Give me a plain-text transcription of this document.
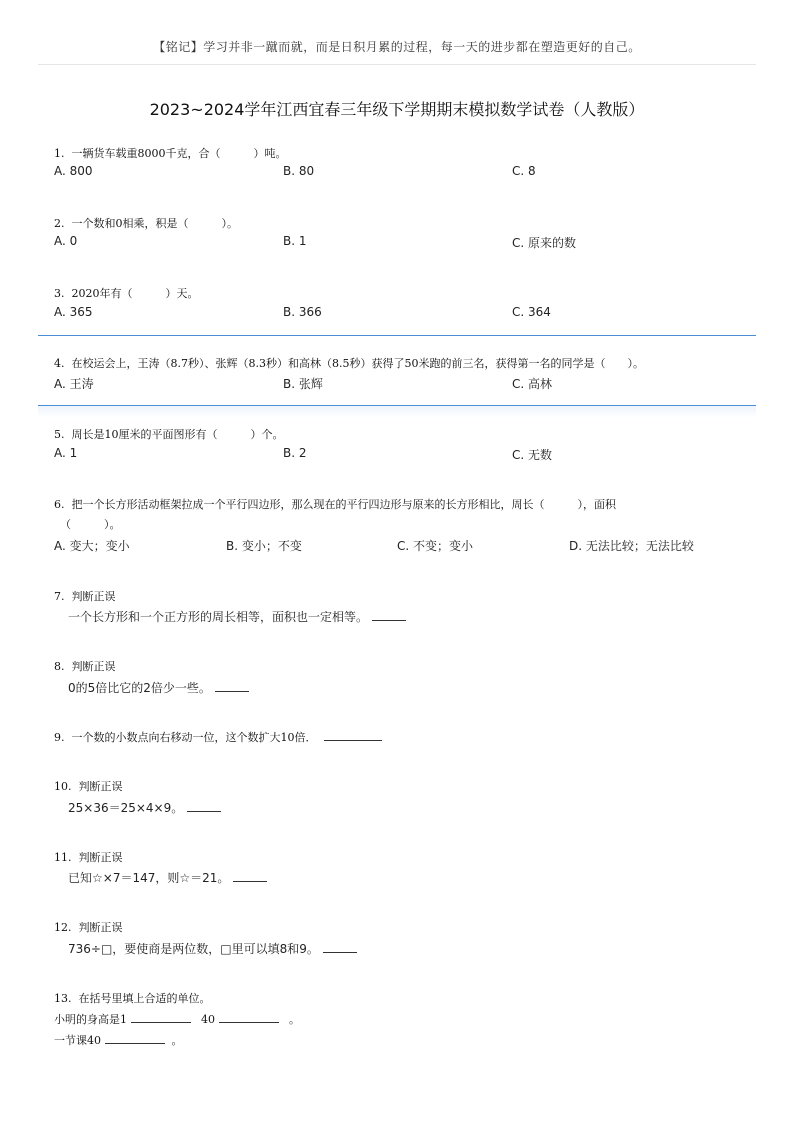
【铭记】学习并非一蹴而就，而是日积月累的过程，每一天的进步都在塑造更好的自己。
2023~2024学年江西宜春三年级下学期期末模拟数学试卷（人教版）
1. 一辆货车载重8000千克，合（　　　）吨。
A. 800	B. 80	C. 8
2. 一个数和0相乘，积是（　　　）。
A. 0	B. 1	C. 原来的数
3. 2020年有（　　　）天。
A. 365	B. 366	C. 364
4. 在校运会上，王涛（8.7秒）、张辉（8.3秒）和高林（8.5秒）获得了50米跑的前三名，获得第一名的同学是（　　）。
A. 王涛	B. 张辉	C. 高林
5. 周长是10厘米的平面图形有（　　　）个。
A. 1	B. 2	C. 无数
6. 把一个长方形活动框架拉成一个平行四边形，那么现在的平行四边形与原来的长方形相比，周长（　　　），面积
（　　　）。
A. 变大；变小	B. 变小；不变	C. 不变；变小	D. 无法比较；无法比较
7. 判断正误
一个长方形和一个正方形的周长相等，面积也一定相等。
8. 判断正误
0的5倍比它的2倍少一些。
9. 一个数的小数点向右移动一位，这个数扩大10倍．
10. 判断正误
25×36＝25×4×9。
11. 判断正误
已知☆×7＝147，则☆＝21。
12. 判断正误
736÷□，要使商是两位数，□里可以填8和9。
13. 在括号里填上合适的单位。
小明的身高是1	40	。
一节课40	。
